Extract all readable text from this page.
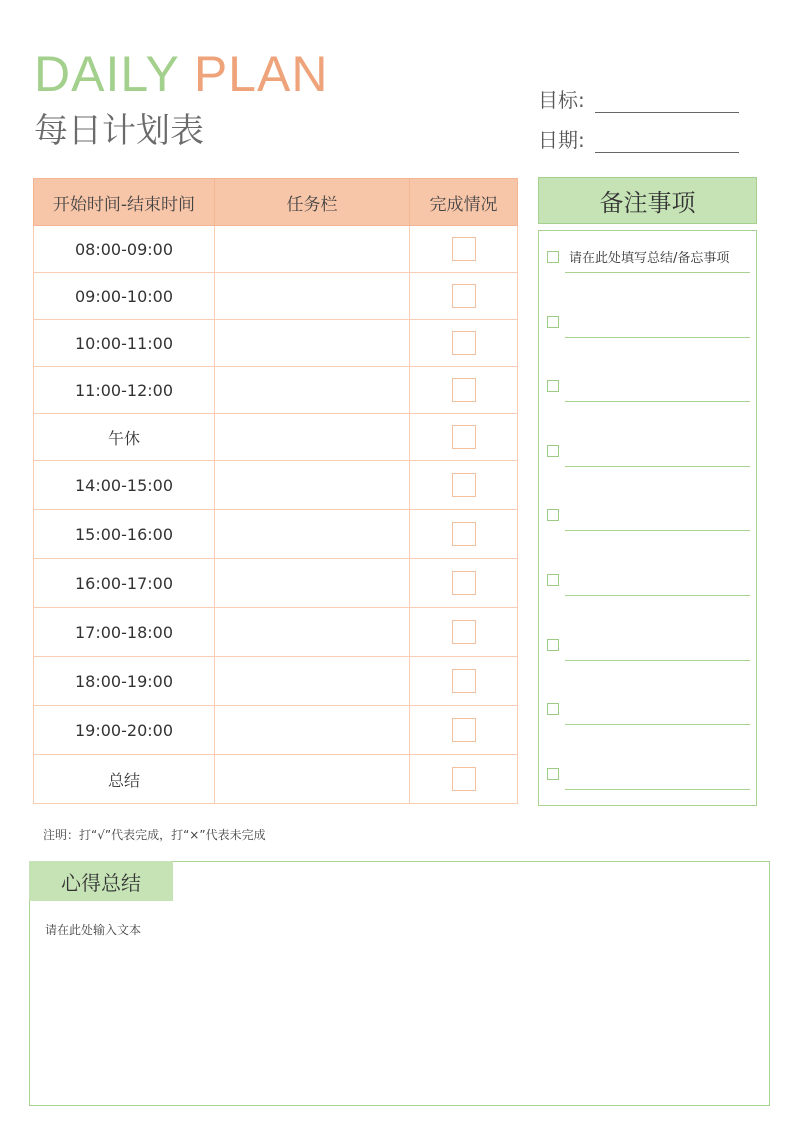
DAILY PLAN
每日计划表
目标:
日期:
开始时间-结束时间	任务栏	完成情况
08:00-09:00		
09:00-10:00		
10:00-11:00		
11:00-12:00		
午休		
14:00-15:00		
15:00-16:00		
16:00-17:00		
17:00-18:00		
18:00-19:00		
19:00-20:00		
总结		
备注事项
请在此处填写总结/备忘事项
注明：打“√”代表完成，打“×”代表未完成
心得总结
请在此处输入文本
